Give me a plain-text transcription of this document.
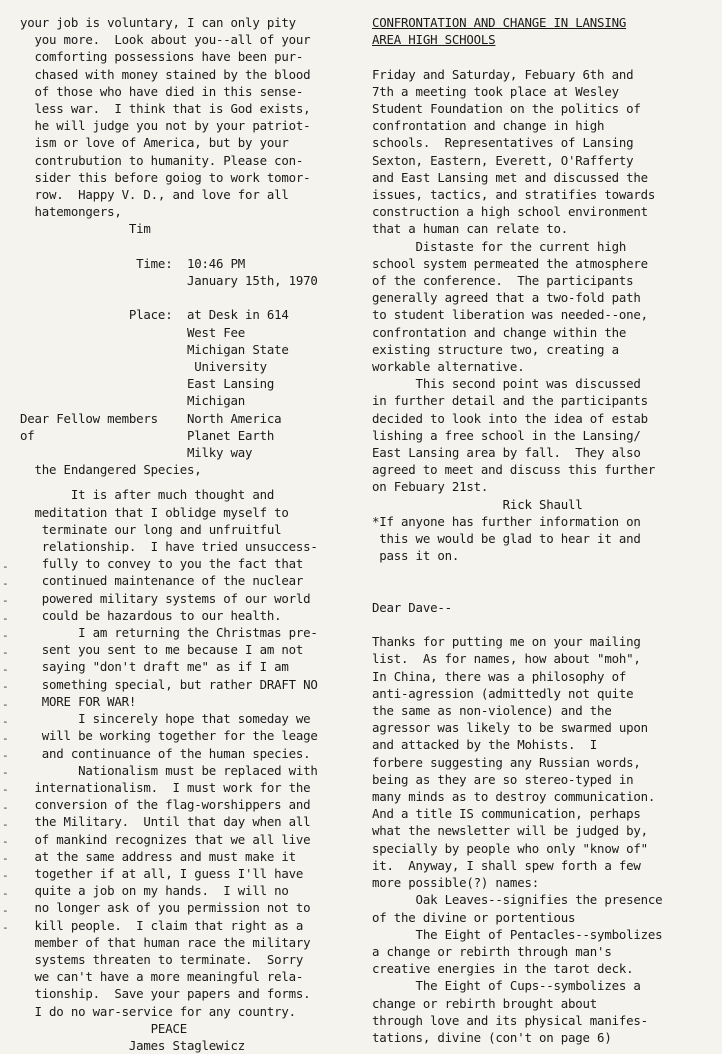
your job is voluntary, I can only pity
you more.  Look about you--all of your
comforting possessions have been pur-
chased with money stained by the blood
of those who have died in this sense-
less war.  I think that is God exists,
he will judge you not by your patriot-
ism or love of America, but by your
contrubution to humanity. Please con-
sider this before goiog to work tomor-
row.  Happy V. D., and love for all
hatemongers,
Tim
Time:  10:46 PM
January 15th, 1970
Place:  at Desk in 614
West Fee
Michigan State
University
East Lansing
Michigan
Dear Fellow members    North America
of                     Planet Earth
Milky way
the Endangered Species,
It is after much thought and
meditation that I oblidge myself to
terminate our long and unfruitful
relationship.  I have tried unsuccess-
fully to convey to you the fact that
continued maintenance of the nuclear
powered military systems of our world
could be hazardous to our health.
I am returning the Christmas pre-
sent you sent to me because I am not
saying "don't draft me" as if I am
something special, but rather DRAFT NO
MORE FOR WAR!
I sincerely hope that someday we
will be working together for the leage
and continuance of the human species.
Nationalism must be replaced with
internationalism.  I must work for the
conversion of the flag-worshippers and
the Military.  Until that day when all
of mankind recognizes that we all live
at the same address and must make it
together if at all, I guess I'll have
quite a job on my hands.  I will no
no longer ask of you permission not to
kill people.  I claim that right as a
member of that human race the military
systems threaten to terminate.  Sorry
we can't have a more meaningful rela-
tionship.  Save your papers and forms.
I do no war-service for any country.
PEACE
James Staglewicz
-
-
-
-
-
-
-
-
-
-
-
-
-
-
-
-
-
-
-
-
-
-
CONFRONTATION AND CHANGE IN LANSING
AREA HIGH SCHOOLS
Friday and Saturday, Febuary 6th and
7th a meeting took place at Wesley
Student Foundation on the politics of
confrontation and change in high
schools.  Representatives of Lansing
Sexton, Eastern, Everett, O'Rafferty
and East Lansing met and discussed the
issues, tactics, and stratifies towards
construction a high school environment
that a human can relate to.
Distaste for the current high
school system permeated the atmosphere
of the conference.  The participants
generally agreed that a two-fold path
to student liberation was needed--one,
confrontation and change within the
existing structure two, creating a
workable alternative.
This second point was discussed
in further detail and the participants
decided to look into the idea of estab
lishing a free school in the Lansing/
East Lansing area by fall.  They also
agreed to meet and discuss this further
on Febuary 21st.
Rick Shaull
*If anyone has further information on
this we would be glad to hear it and
pass it on.
Dear Dave--
Thanks for putting me on your mailing
list.  As for names, how about "moh",
In China, there was a philosophy of
anti-agression (admittedly not quite
the same as non-violence) and the
agressor was likely to be swarmed upon
and attacked by the Mohists.  I
forbere suggesting any Russian words,
being as they are so stereo-typed in
many minds as to destroy communication.
And a title IS communication, perhaps
what the newsletter will be judged by,
specially by people who only "know of"
it.  Anyway, I shall spew forth a few
more possible(?) names:
Oak Leaves--signifies the presence
of the divine or portentious
The Eight of Pentacles--symbolizes
a change or rebirth through man's
creative energies in the tarot deck.
The Eight of Cups--symbolizes a
change or rebirth brought about
through love and its physical manifes-
tations, divine (con't on page 6)
